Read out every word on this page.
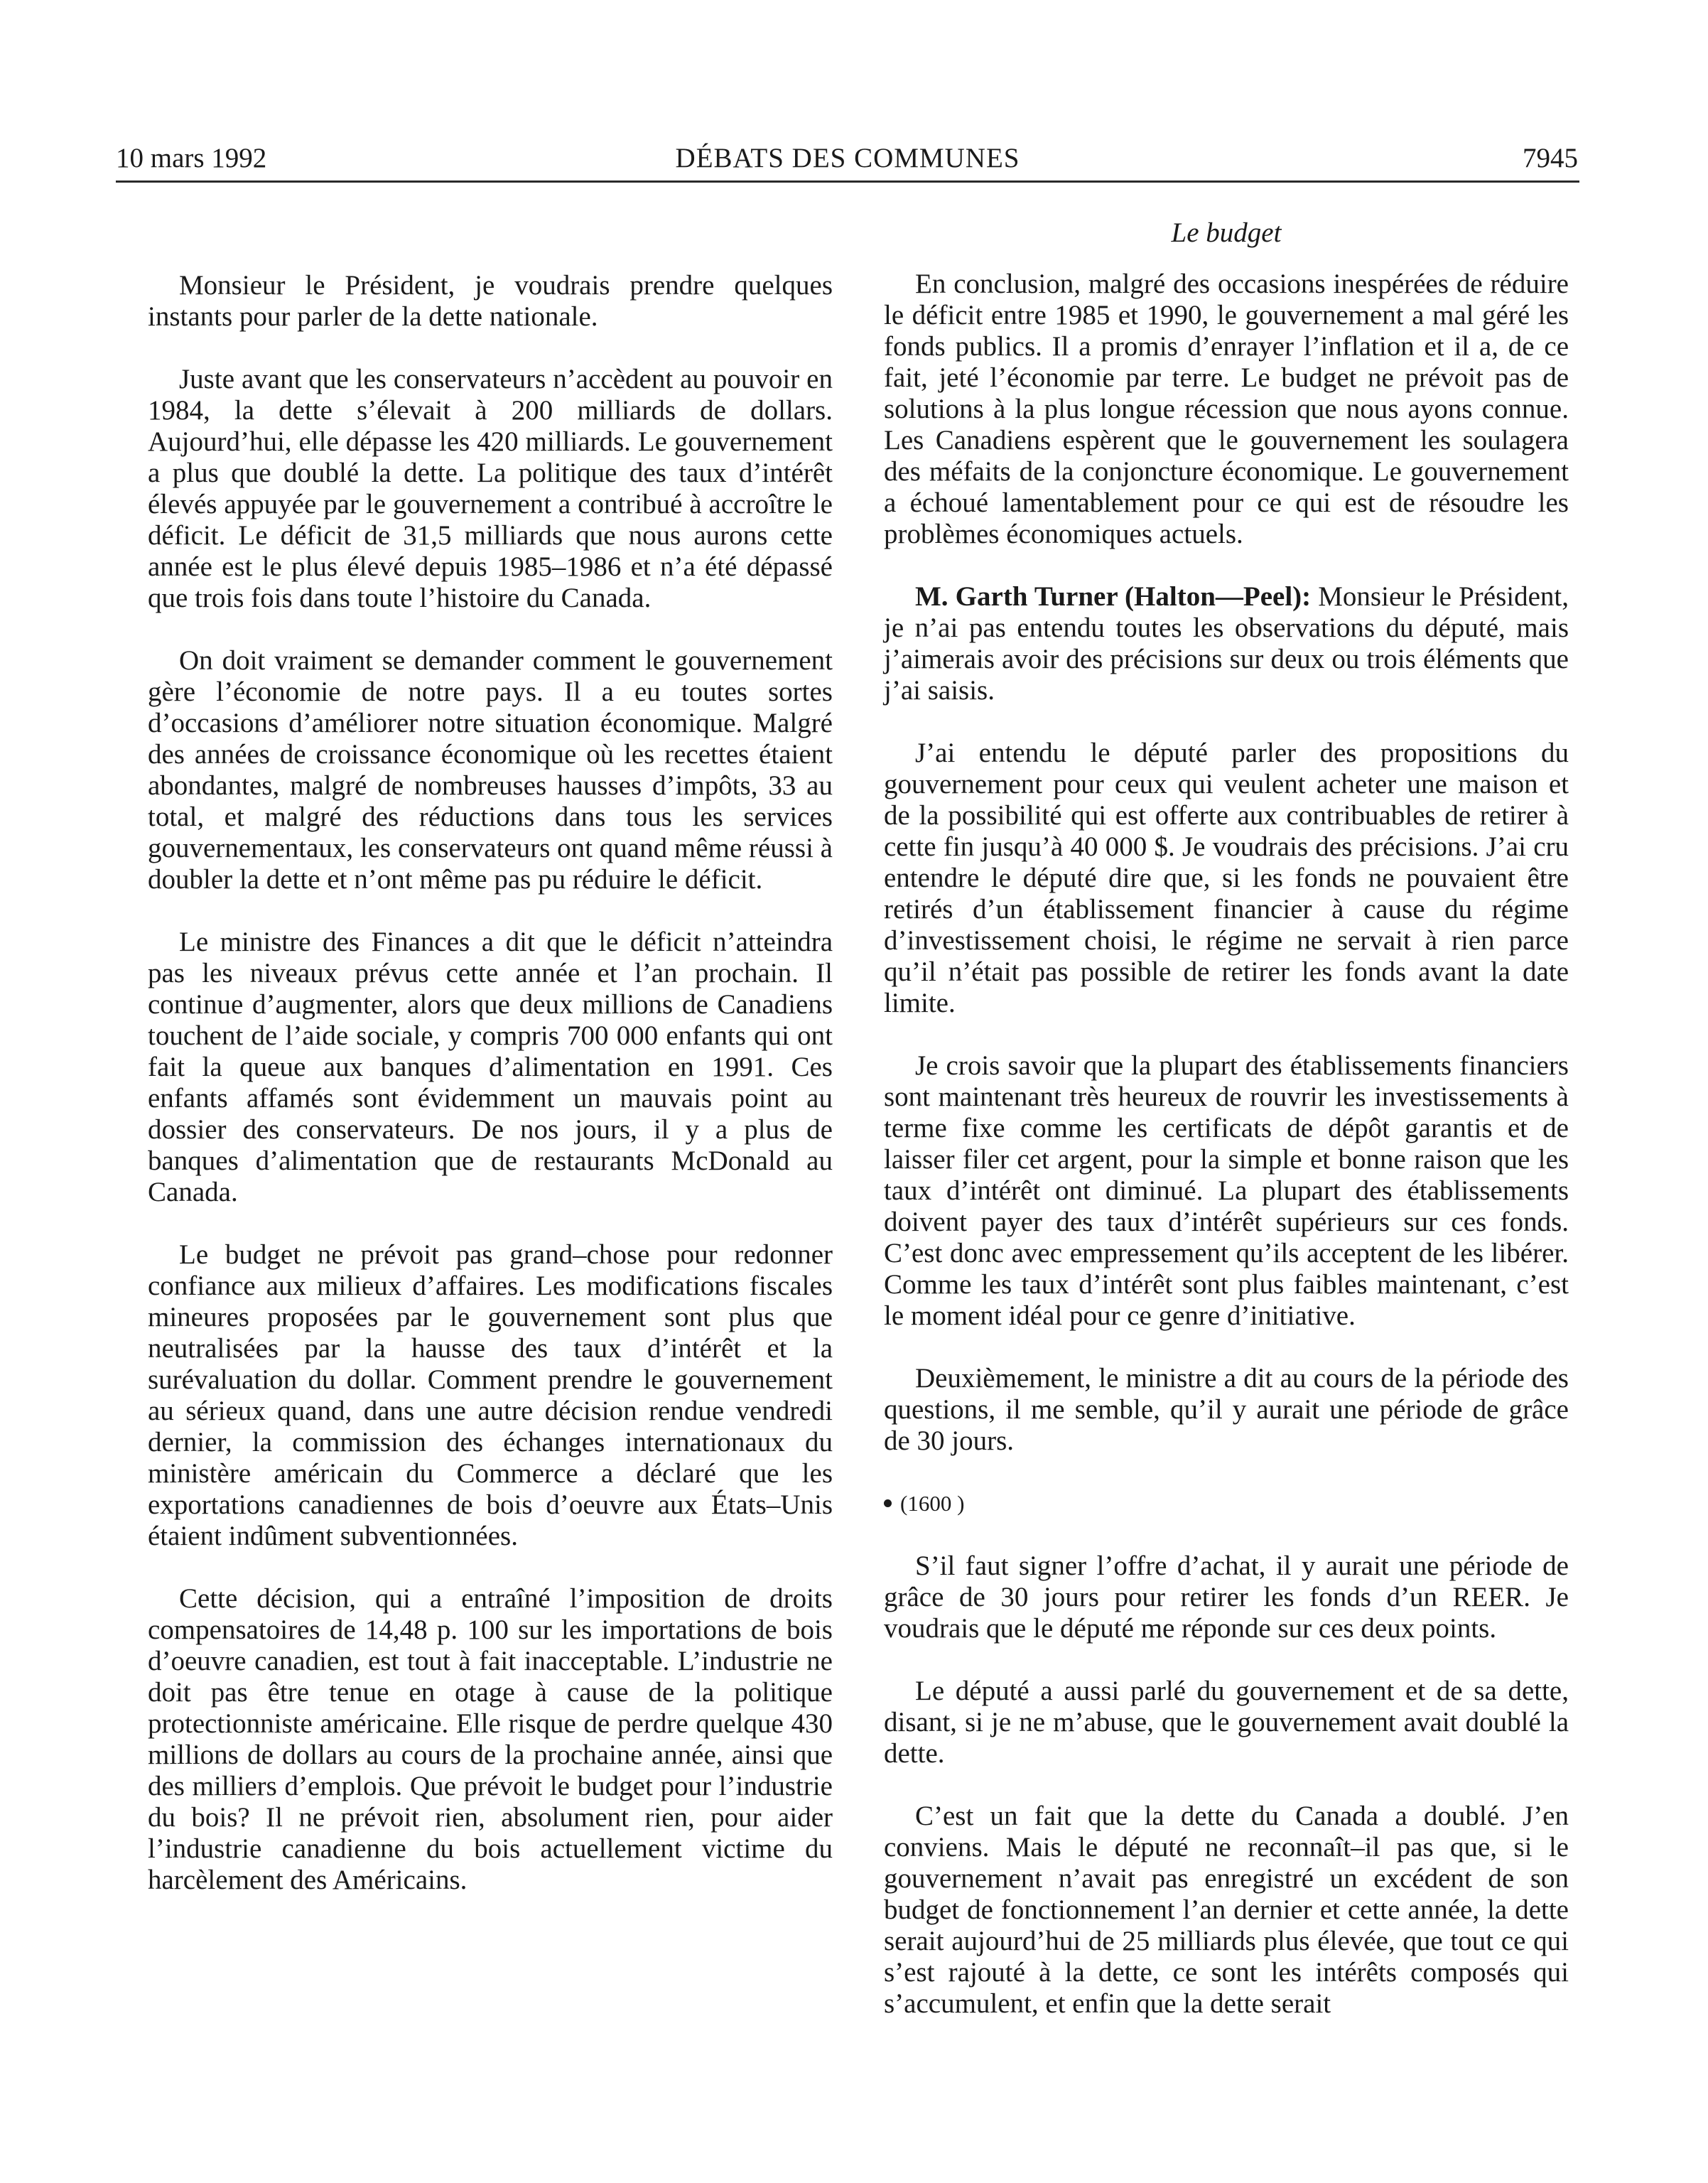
10 mars 1992	DÉBATS DES COMMUNES	7945

Monsieur le Président, je voudrais prendre quelques instants pour parler de la dette nationale.

Juste avant que les conservateurs n’accèdent au pouvoir en 1984, la dette s’élevait à 200 milliards de dollars. Aujourd’hui, elle dépasse les 420 milliards. Le gouvernement a plus que doublé la dette. La politique des taux d’intérêt élevés appuyée par le gouvernement a contribué à accroître le déficit. Le déficit de 31,5 milliards que nous aurons cette année est le plus élevé depuis 1985–1986 et n’a été dépassé que trois fois dans toute l’histoire du Canada.

On doit vraiment se demander comment le gouvernement gère l’économie de notre pays. Il a eu toutes sortes d’occasions d’améliorer notre situation économique. Malgré des années de croissance économique où les recettes étaient abondantes, malgré de nombreuses hausses d’impôts, 33 au total, et malgré des réductions dans tous les services gouvernementaux, les conservateurs ont quand même réussi à doubler la dette et n’ont même pas pu réduire le déficit.

Le ministre des Finances a dit que le déficit n’atteindra pas les niveaux prévus cette année et l’an prochain. Il continue d’augmenter, alors que deux millions de Canadiens touchent de l’aide sociale, y compris 700 000 enfants qui ont fait la queue aux banques d’alimentation en 1991. Ces enfants affamés sont évidemment un mauvais point au dossier des conservateurs. De nos jours, il y a plus de banques d’alimentation que de restaurants McDonald au Canada.

Le budget ne prévoit pas grand–chose pour redonner confiance aux milieux d’affaires. Les modifications fiscales mineures proposées par le gouvernement sont plus que neutralisées par la hausse des taux d’intérêt et la surévaluation du dollar. Comment prendre le gouvernement au sérieux quand, dans une autre décision rendue vendredi dernier, la commission des échanges internationaux du ministère américain du Commerce a déclaré que les exportations canadiennes de bois d’oeuvre aux États–Unis étaient indûment subventionnées.

Cette décision, qui a entraîné l’imposition de droits compensatoires de 14,48 p. 100 sur les importations de bois d’oeuvre canadien, est tout à fait inacceptable. L’industrie ne doit pas être tenue en otage à cause de la politique protectionniste américaine. Elle risque de perdre quelque 430 millions de dollars au cours de la prochaine année, ainsi que des milliers d’emplois. Que prévoit le budget pour l’industrie du bois? Il ne prévoit rien, absolument rien, pour aider l’industrie canadienne du bois actuellement victime du harcèlement des Américains.

Le budget

En conclusion, malgré des occasions inespérées de réduire le déficit entre 1985 et 1990, le gouvernement a mal géré les fonds publics. Il a promis d’enrayer l’inflation et il a, de ce fait, jeté l’économie par terre. Le budget ne prévoit pas de solutions à la plus longue récession que nous ayons connue. Les Canadiens espèrent que le gouvernement les soulagera des méfaits de la conjoncture économique. Le gouvernement a échoué lamentablement pour ce qui est de résoudre les problèmes économiques actuels.

M. Garth Turner (Halton—Peel): Monsieur le Président, je n’ai pas entendu toutes les observations du député, mais j’aimerais avoir des précisions sur deux ou trois éléments que j’ai saisis.

J’ai entendu le député parler des propositions du gouvernement pour ceux qui veulent acheter une maison et de la possibilité qui est offerte aux contribuables de retirer à cette fin jusqu’à 40 000 $. Je voudrais des précisions. J’ai cru entendre le député dire que, si les fonds ne pouvaient être retirés d’un établissement financier à cause du régime d’investissement choisi, le régime ne servait à rien parce qu’il n’était pas possible de retirer les fonds avant la date limite.

Je crois savoir que la plupart des établissements financiers sont maintenant très heureux de rouvrir les investissements à terme fixe comme les certificats de dépôt garantis et de laisser filer cet argent, pour la simple et bonne raison que les taux d’intérêt ont diminué. La plupart des établissements doivent payer des taux d’intérêt supérieurs sur ces fonds. C’est donc avec empressement qu’ils acceptent de les libérer. Comme les taux d’intérêt sont plus faibles maintenant, c’est le moment idéal pour ce genre d’initiative.

Deuxièmement, le ministre a dit au cours de la période des questions, il me semble, qu’il y aurait une période de grâce de 30 jours.

(1600 )

S’il faut signer l’offre d’achat, il y aurait une période de grâce de 30 jours pour retirer les fonds d’un REER. Je voudrais que le député me réponde sur ces deux points.

Le député a aussi parlé du gouvernement et de sa dette, disant, si je ne m’abuse, que le gouvernement avait doublé la dette.

C’est un fait que la dette du Canada a doublé. J’en conviens. Mais le député ne reconnaît–il pas que, si le gouvernement n’avait pas enregistré un excédent de son budget de fonctionnement l’an dernier et cette année, la dette serait aujourd’hui de 25 milliards plus élevée, que tout ce qui s’est rajouté à la dette, ce sont les intérêts composés qui s’accumulent, et enfin que la dette serait
